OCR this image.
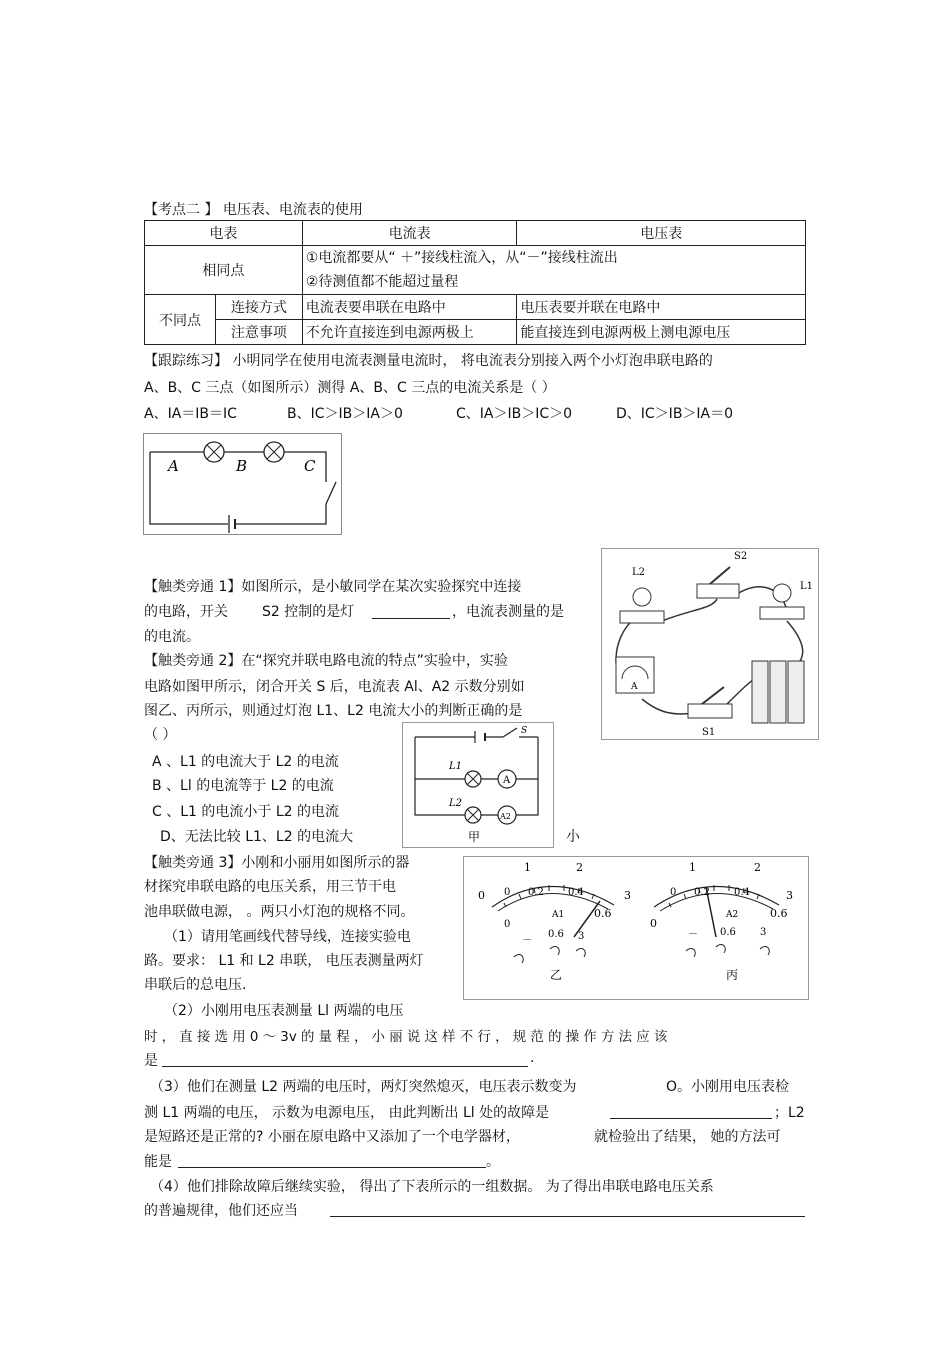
【考点二 】 电压表、电流表的使用
电表		电流表	电压表
相同点		①电流都要从“ ＋”接线柱流入，从“－”接线柱流出
②待测值都不能超过量程	

不同点	连接方式	电流表要串联在电路中	电压表要并联在电路中
	注意事项	不允许直接连到电源两极上	能直接连到电源两极上测电源电压
【跟踪练习】 小明同学在使用电流表测量电流时， 将电流表分别接入两个小灯泡串联电路的
A、B、C 三点（如图所示）测得 A、B、C 三点的电流关系是（ ）
A、IA＝IB＝IC	B、IC＞IB＞IA＞0	C、IA＞IB＞IC＞0	D、IC＞IB＞IA＝0
A	B	C
【触类旁通 1】如图所示，是小敏同学在某次实验探究中连接
的电路，开关 S2 控制的是灯	，电流表测量的是
的电流。
A
L2
S2
L1
S1
【触类旁通 2】在“探究并联电路电流的特点”实验中，实验
电路如图甲所示，闭合开关 S 后，电流表 Al、A2 示数分别如
图乙、丙所示，则通过灯泡 L1、L2 电流大小的判断正确的是
（ ）
A 、L1 的电流大于 L2 的电流
B 、Ll 的电流等于 L2 的电流
C 、L1 的电流小于 L2 的电流
D、无法比较 L1、L2 的电流大	小
S
L1
L2
A
A2
甲
1	2
0 0.2 0.4
0
0.6
3
0
A1
－
0.6 3
乙
1	2
0 0.2 0.4
0
0.6
3
A2
－ 0.6 3
丙
【触类旁通 3】小刚和小丽用如图所示的器
材探究串联电路的电压关系，用三节干电
池串联做电源， 。两只小灯泡的规格不同。
（1）请用笔画线代替导线，连接实验电
路。要求： L1 和 L2 串联， 电压表测量两灯
串联后的总电压.
（2）小刚用电压表测量 Ll 两端的电压
时 ， 直 接 选 用 0 ～ 3v 的 量 程 ， 小 丽 说 这 样 不 行 ， 规 范 的 操 作 方 法 应 该
是	.
（3）他们在测量 L2 两端的电压时，两灯突然熄灭，电压表示数变为	O。小刚用电压表检
测 L1 两端的电压， 示数为电源电压， 由此判断出 Ll 处的故障是	；L2
是短路还是正常的? 小丽在原电路中又添加了一个电学器材，	就检验出了结果， 她的方法可
能是	。
（4）他们排除故障后继续实验， 得出了下表所示的一组数据。 为了得出串联电路电压关系
的普遍规律，他们还应当
